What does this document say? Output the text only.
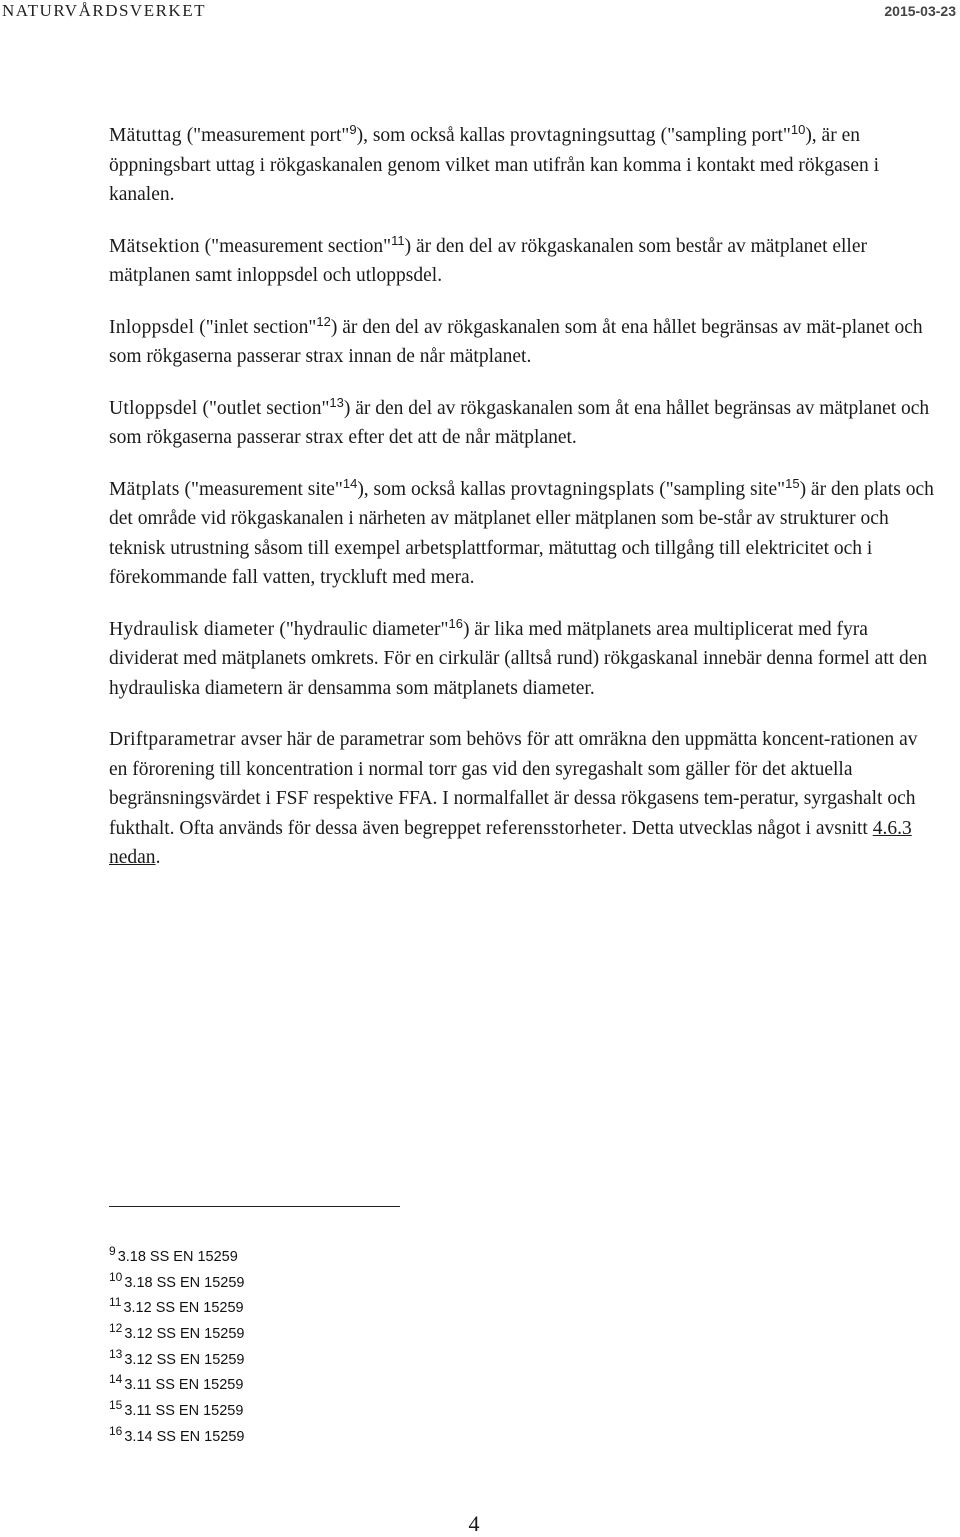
NATURVÅRDSVERKET	2015-03-23

Mätuttag ("measurement port"$^9$), som också kallas provtagningsuttag ("sampling port"$^{10}$), är en öppningsbart uttag i rökgaskanalen genom vilket man utifrån kan komma i kontakt med rökgasen i kanalen.

Mätsektion ("measurement section"$^{11}$) är den del av rökgaskanalen som består av mätplanet eller mätplanen samt inloppsdel och utloppsdel.

Inloppsdel ("inlet section"$^{12}$) är den del av rökgaskanalen som åt ena hållet begränsas av mät-planet och som rökgaserna passerar strax innan de når mätplanet.

Utloppsdel ("outlet section"$^{13}$) är den del av rökgaskanalen som åt ena hållet begränsas av mätplanet och som rökgaserna passerar strax efter det att de når mätplanet.

Mätplats ("measurement site"$^{14}$), som också kallas provtagningsplats ("sampling site"$^{15}$) är den plats och det område vid rökgaskanalen i närheten av mätplanet eller mätplanen som be-står av strukturer och teknisk utrustning såsom till exempel arbetsplattformar, mätuttag och tillgång till elektricitet och i förekommande fall vatten, tryckluft med mera.

Hydraulisk diameter ("hydraulic diameter"$^{16}$) är lika med mätplanets area multiplicerat med fyra dividerat med mätplanets omkrets. För en cirkulär (alltså rund) rökgaskanal innebär denna formel att den hydrauliska diametern är densamma som mätplanets diameter.

Driftparametrar avser här de parametrar som behövs för att omräkna den uppmätta koncent-rationen av en förorening till koncentration i normal torr gas vid den syregashalt som gäller för det aktuella begränsningsvärdet i FSF respektive FFA. I normalfallet är dessa rökgasens tem-peratur, syrgashalt och fukthalt. Ofta används för dessa även begreppet referensstorheter. Detta utvecklas något i avsnitt 4.6.3 nedan.

$^9$ 3.18 SS EN 15259
$^{10}$ 3.18 SS EN 15259
$^{11}$ 3.12 SS EN 15259
$^{12}$ 3.12 SS EN 15259
$^{13}$ 3.12 SS EN 15259
$^{14}$ 3.11 SS EN 15259
$^{15}$ 3.11 SS EN 15259
$^{16}$ 3.14 SS EN 15259
4
